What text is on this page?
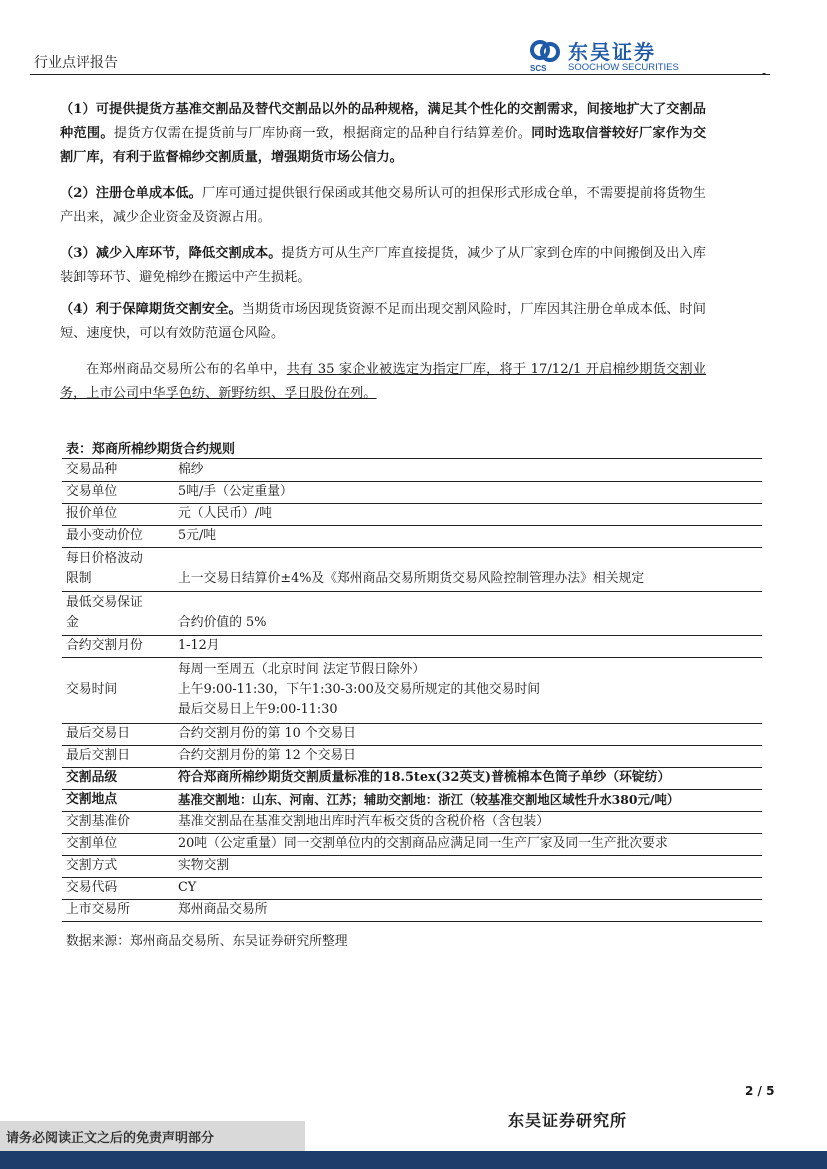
行业点评报告	SCS
东吴证券
SOOCHOW SECURITIES	-
（1）可提供提货方基准交割品及替代交割品以外的品种规格，满足其个性化的交割需求，间接地扩大了交割品种范围。提货方仅需在提货前与厂库协商一致，根据商定的品种自行结算差价。同时选取信誉较好厂家作为交割厂库，有利于监督棉纱交割质量，增强期货市场公信力。
（2）注册仓单成本低。厂库可通过提供银行保函或其他交易所认可的担保形式形成仓单，不需要提前将货物生产出来，减少企业资金及资源占用。
（3）减少入库环节，降低交割成本。提货方可从生产厂库直接提货，减少了从厂家到仓库的中间搬倒及出入库装卸等环节、避免棉纱在搬运中产生损耗。
（4）利于保障期货交割安全。当期货市场因现货资源不足而出现交割风险时，厂库因其注册仓单成本低、时间短、速度快，可以有效防范逼仓风险。
在郑州商品交易所公布的名单中，共有 35 家企业被选定为指定厂库，将于 17/12/1 开启棉纱期货交割业务，上市公司中华孚色纺、新野纺织、孚日股份在列。
表：郑商所棉纱期货合约规则
交易品种	棉纱
交易单位	5吨/手（公定重量）
报价单位	元（人民币）/吨
最小变动价位	5元/吨

每日价格波动
限制	上一交易日结算价±4%及《郑州商品交易所期货交易风险控制管理办法》相关规定

最低交易保证
金	合约价值的 5%
合约交割月份	1-12月
交易时间	每周一至周五（北京时间 法定节假日除外）
上午9:00-11:30，下午1:30-3:00及交易所规定的其他交易时间
最后交易日上午9:00-11:30

最后交易日	合约交割月份的第 10 个交易日
最后交割日	合约交割月份的第 12 个交易日
交割品级	符合郑商所棉纱期货交割质量标准的18.5tex(32英支)普梳棉本色筒子单纱（环锭纺）
交割地点	基准交割地：山东、河南、江苏；辅助交割地：浙江（较基准交割地区域性升水380元/吨）
交割基准价	基准交割品在基准交割地出库时汽车板交货的含税价格（含包装）
交割单位	20吨（公定重量）同一交割单位内的交割商品应满足同一生产厂家及同一生产批次要求
交割方式	实物交割
交易代码	CY
上市交易所	郑州商品交易所
数据来源：郑州商品交易所、东吴证券研究所整理
2 / 5
东吴证券研究所
请务必阅读正文之后的免责声明部分
